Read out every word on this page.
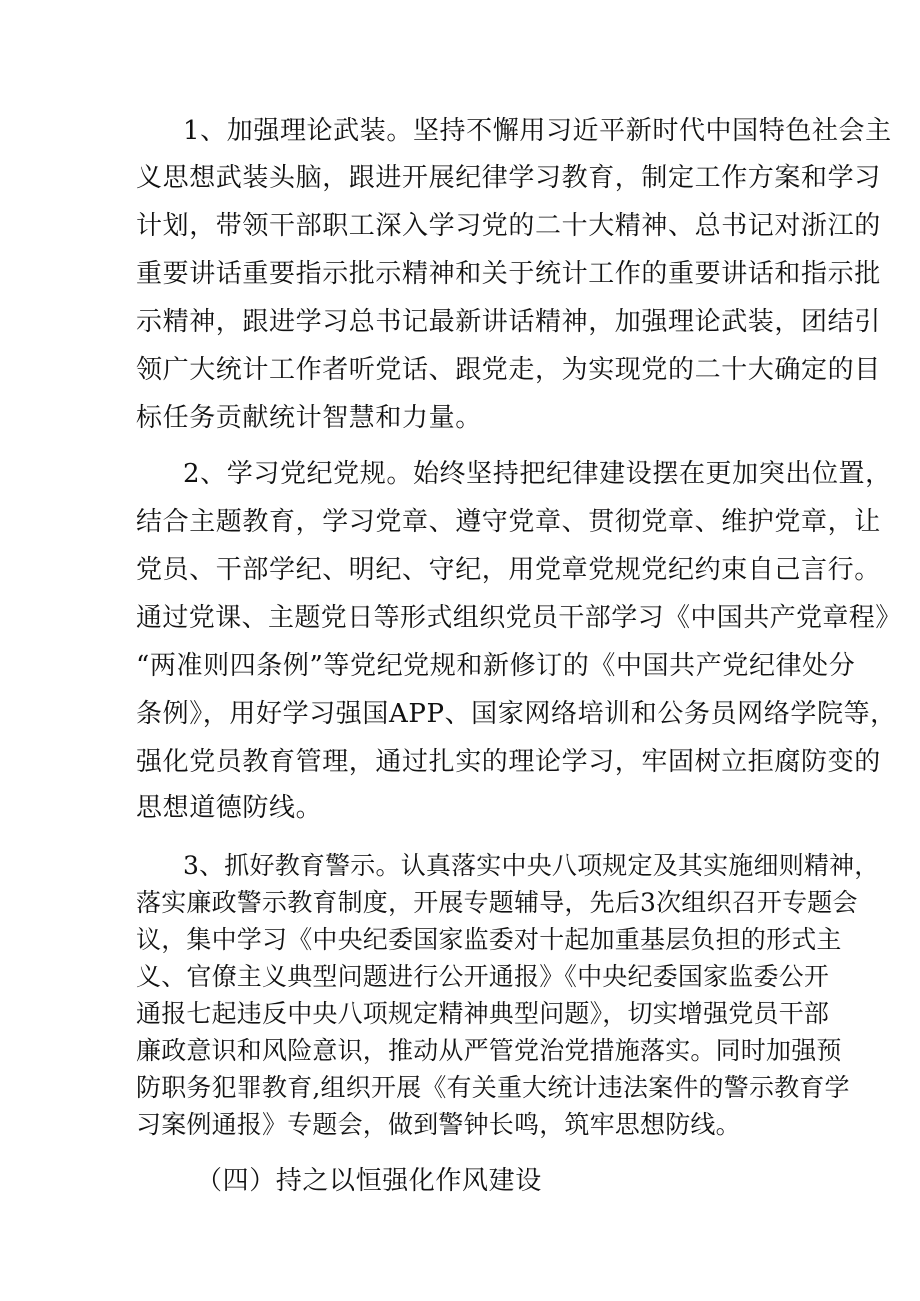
1、加强理论武装。坚持不懈用习近平新时代中国特色社会主

义思想武装头脑，跟进开展纪律学习教育，制定工作方案和学习

计划，带领干部职工深入学习党的二十大精神、总书记对浙江的

重要讲话重要指示批示精神和关于统计工作的重要讲话和指示批

示精神，跟进学习总书记最新讲话精神，加强理论武装，团结引

领广大统计工作者听党话、跟党走，为实现党的二十大确定的目

标任务贡献统计智慧和力量。

2、学习党纪党规。始终坚持把纪律建设摆在更加突出位置，

结合主题教育，学习党章、遵守党章、贯彻党章、维护党章，让

党员、干部学纪、明纪、守纪，用党章党规党纪约束自己言行。

通过党课、主题党日等形式组织党员干部学习《中国共产党章程》

“两准则四条例”等党纪党规和新修订的《中国共产党纪律处分

条例》，用好学习强国APP、国家网络培训和公务员网络学院等，

强化党员教育管理，通过扎实的理论学习，牢固树立拒腐防变的

思想道德防线。

3、抓好教育警示。认真落实中央八项规定及其实施细则精神，

落实廉政警示教育制度，开展专题辅导，先后3次组织召开专题会

议，集中学习《中央纪委国家监委对十起加重基层负担的形式主

义、官僚主义典型问题进行公开通报》《中央纪委国家监委公开

通报七起违反中央八项规定精神典型问题》，切实增强党员干部

廉政意识和风险意识，推动从严管党治党措施落实。同时加强预

防职务犯罪教育,组织开展《有关重大统计违法案件的警示教育学

习案例通报》专题会，做到警钟长鸣，筑牢思想防线。

（四）持之以恒强化作风建设
